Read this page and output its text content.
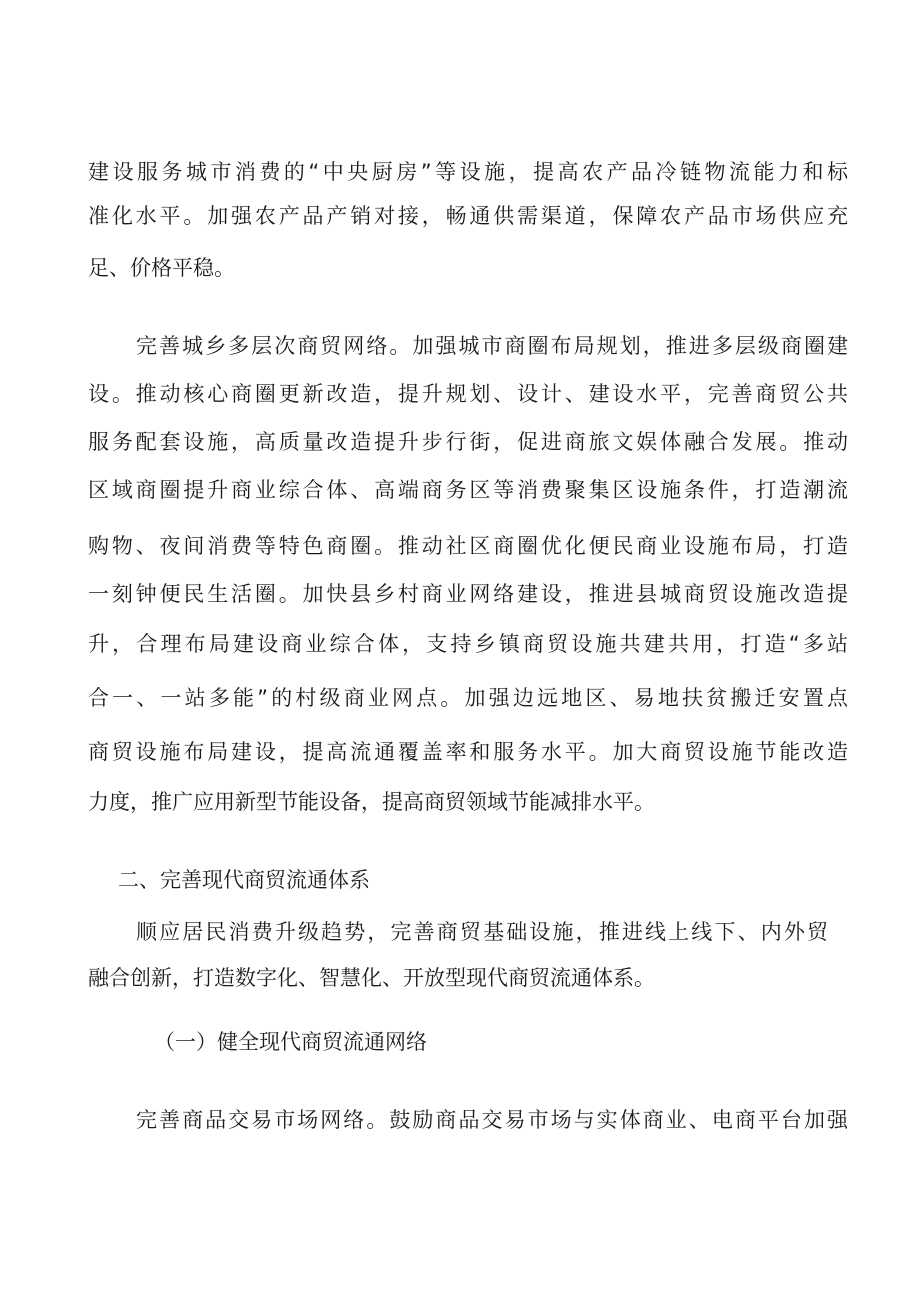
建设服务城市消费的“中央厨房”等设施，提高农产品冷链物流能力和标
准化水平。加强农产品产销对接，畅通供需渠道，保障农产品市场供应充
足、价格平稳。
完善城乡多层次商贸网络。加强城市商圈布局规划，推进多层级商圈建
设。推动核心商圈更新改造，提升规划、设计、建设水平，完善商贸公共
服务配套设施，高质量改造提升步行街，促进商旅文娱体融合发展。推动
区域商圈提升商业综合体、高端商务区等消费聚集区设施条件，打造潮流
购物、夜间消费等特色商圈。推动社区商圈优化便民商业设施布局，打造
一刻钟便民生活圈。加快县乡村商业网络建设，推进县城商贸设施改造提
升，合理布局建设商业综合体，支持乡镇商贸设施共建共用，打造“多站
合一、一站多能”的村级商业网点。加强边远地区、易地扶贫搬迁安置点
商贸设施布局建设，提高流通覆盖率和服务水平。加大商贸设施节能改造
力度，推广应用新型节能设备，提高商贸领域节能减排水平。
二、完善现代商贸流通体系
顺应居民消费升级趋势，完善商贸基础设施，推进线上线下、内外贸
融合创新，打造数字化、智慧化、开放型现代商贸流通体系。
（一）健全现代商贸流通网络
完善商品交易市场网络。鼓励商品交易市场与实体商业、电商平台加强
